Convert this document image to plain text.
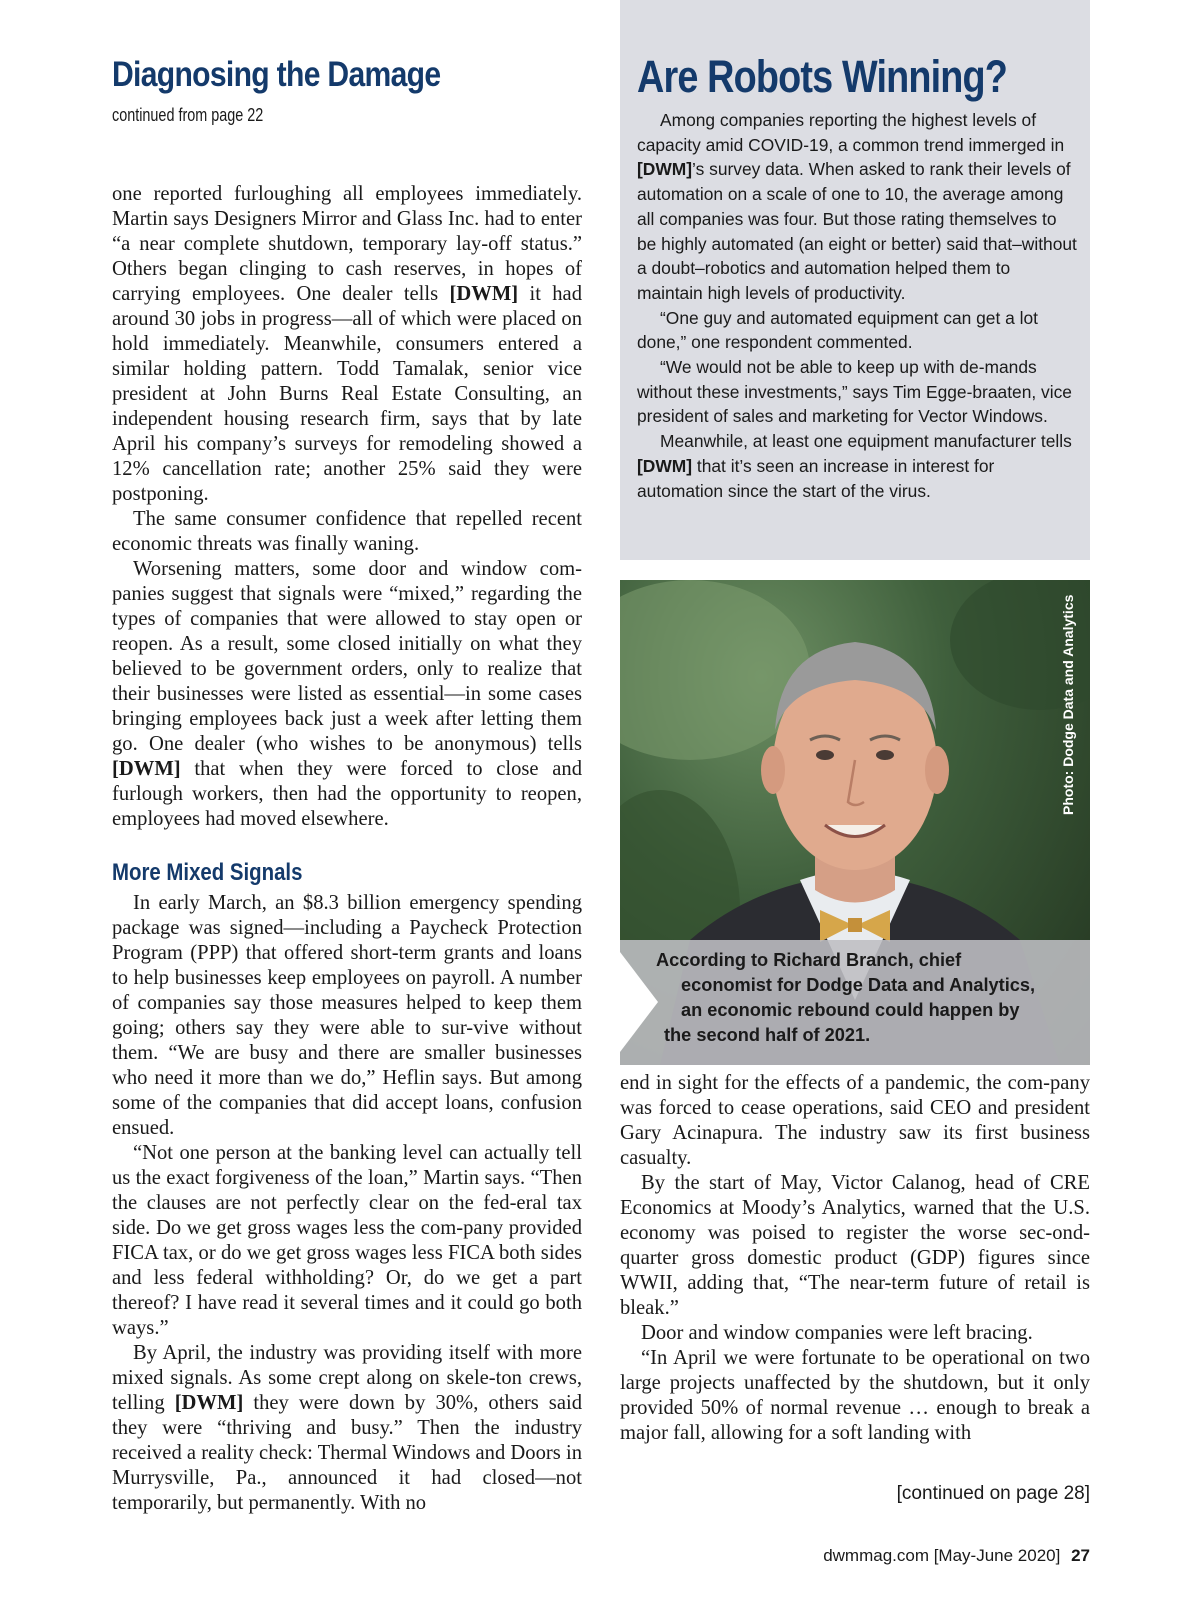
Diagnosing the Damage
continued from page 22

one reported furloughing all employees immediately. Martin says Designers Mirror and Glass Inc. had to enter “a near complete shutdown, temporary lay-off status.” Others began clinging to cash reserves, in hopes of carrying employees. One dealer tells [DWM] it had around 30 jobs in progress—all of which were placed on hold immediately. Meanwhile, consumers entered a similar holding pattern. Todd Tamalak, senior vice president at John Burns Real Estate Consulting, an independent housing research firm, says that by late April his company’s surveys for remodeling showed a 12% cancellation rate; another 25% said they were postponing.

The same consumer confidence that repelled recent economic threats was finally waning.

Worsening matters, some door and window com-panies suggest that signals were “mixed,” regarding the types of companies that were allowed to stay open or reopen. As a result, some closed initially on what they believed to be government orders, only to realize that their businesses were listed as essential—in some cases bringing employees back just a week after letting them go. One dealer (who wishes to be anonymous) tells [DWM] that when they were forced to close and furlough workers, then had the opportunity to reopen, employees had moved elsewhere.

More Mixed Signals

In early March, an $8.3 billion emergency spending package was signed—including a Paycheck Protection Program (PPP) that offered short-term grants and loans to help businesses keep employees on payroll. A number of companies say those measures helped to keep them going; others say they were able to sur-vive without them. “We are busy and there are smaller businesses who need it more than we do,” Heflin says. But among some of the companies that did accept loans, confusion ensued.

“Not one person at the banking level can actually tell us the exact forgiveness of the loan,” Martin says. “Then the clauses are not perfectly clear on the fed-eral tax side. Do we get gross wages less the com-pany provided FICA tax, or do we get gross wages less FICA both sides and less federal withholding? Or, do we get a part thereof? I have read it several times and it could go both ways.”

By April, the industry was providing itself with more mixed signals. As some crept along on skele-ton crews, telling [DWM] they were down by 30%, others said they were “thriving and busy.” Then the industry received a reality check: Thermal Windows and Doors in Murrysville, Pa., announced it had closed—not temporarily, but permanently. With no

Are Robots Winning?

Among companies reporting the highest levels of capacity amid COVID-19, a common trend immerged in [DWM]’s survey data. When asked to rank their levels of automation on a scale of one to 10, the average among all companies was four. But those rating themselves to be highly automated (an eight or better) said that–without a doubt–robotics and automation helped them to maintain high levels of productivity.

“One guy and automated equipment can get a lot done,” one respondent commented.

“We would not be able to keep up with de-mands without these investments,” says Tim Egge-braaten, vice president of sales and marketing for Vector Windows.

Meanwhile, at least one equipment manufacturer tells [DWM] that it’s seen an increase in interest for automation since the start of the virus.

Photo: Dodge Data and Analytics
According to Richard Branch, chief
economist for Dodge Data and Analytics,
an economic rebound could happen by
the second half of 2021.

end in sight for the effects of a pandemic, the com-pany was forced to cease operations, said CEO and president Gary Acinapura. The industry saw its first business casualty.

By the start of May, Victor Calanog, head of CRE Economics at Moody’s Analytics, warned that the U.S. economy was poised to register the worse sec-ond-quarter gross domestic product (GDP) figures since WWII, adding that, “The near-term future of retail is bleak.”

Door and window companies were left bracing.

“In April we were fortunate to be operational on two large projects unaffected by the shutdown, but it only provided 50% of normal revenue … enough to break a major fall, allowing for a soft landing with

[continued on page 28]
dwmmag.com [May-June 2020] 27
